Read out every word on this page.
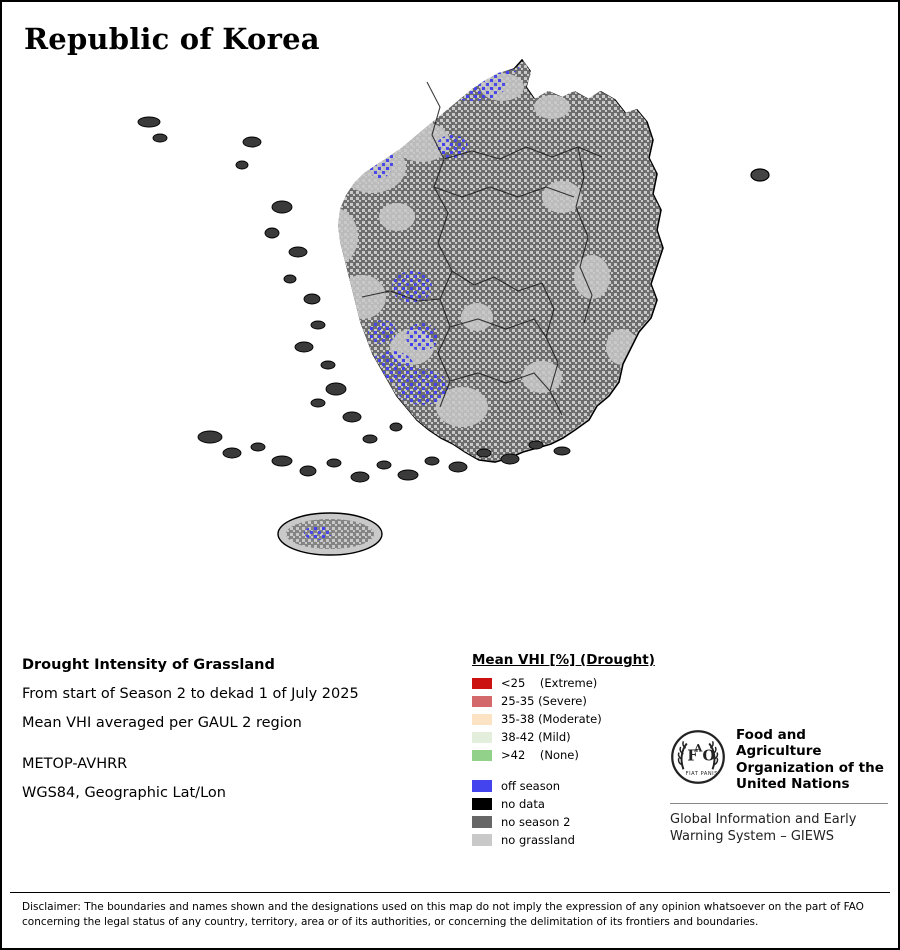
Republic of Korea
Drought Intensity of Grassland
From start of Season 2 to dekad 1 of July 2025
Mean VHI averaged per GAUL 2 region
METOP-AVHRR
WGS84, Geographic Lat/Lon
Mean VHI [%] (Drought)
<25    (Extreme)
25-35 (Severe)
35-38 (Moderate)
38-42 (Mild)
>42    (None)
off season
no data
no season 2
no grassland
F
A O
FIAT PANIS
Food and Agriculture
Organization of the
United Nations
Global Information and Early
Warning System – GIEWS
Disclaimer: The boundaries and names shown and the designations used on this map do not imply the expression of any opinion whatsoever on the part of FAO concerning the legal status of any country, territory, area or of its authorities, or concerning the delimitation of its frontiers and boundaries.
